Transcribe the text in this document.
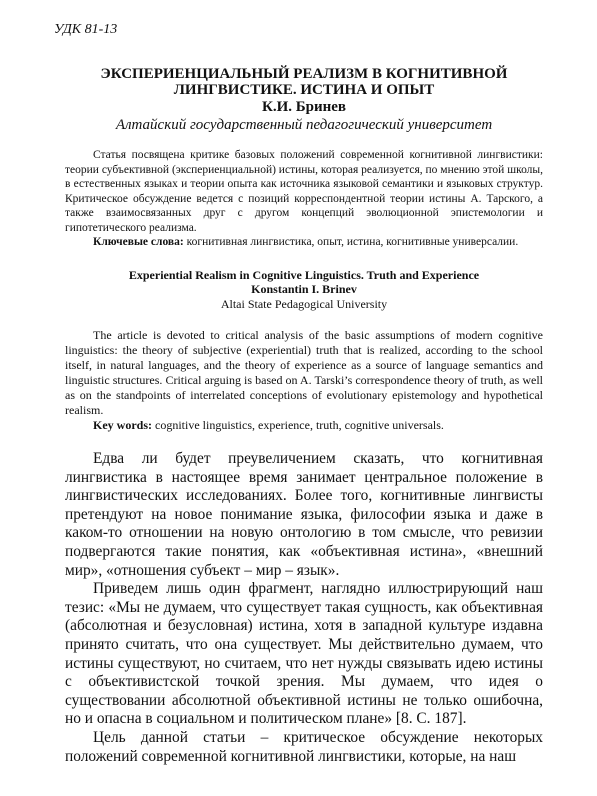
УДК 81-13

ЭКСПЕРИЕНЦИАЛЬНЫЙ РЕАЛИЗМ В КОГНИТИВНОЙ

ЛИНГВИСТИКЕ. ИСТИНА И ОПЫТ

К.И. Бринев

Алтайский государственный педагогический университет

Статья посвящена критике базовых положений современной когнитивной лингвистики: теории субъективной (экспериенциальной) истины, которая реализуется, по мнению этой школы, в естественных языках и теории опыта как источника языковой семантики и языковых структур. Критическое обсуждение ведется с позиций корреспондентной теории истины А. Тарского, а также взаимосвязанных друг с другом концепций эволюционной эпистемологии и гипотетического реализма.

Ключевые слова: когнитивная лингвистика, опыт, истина, когнитивные универсалии.

Experiential Realism in Cognitive Linguistics. Truth and Experience

Konstantin I. Brinev

Altai State Pedagogical University

The article is devoted to critical analysis of the basic assumptions of modern cognitive linguistics: the theory of subjective (experiential) truth that is realized, according to the school itself, in natural languages, and the theory of experience as a source of language semantics and linguistic structures. Critical arguing is based on A. Tarski’s correspondence theory of truth, as well as on the standpoints of interrelated conceptions of evolutionary epistemology and hypothetical realism.

Key words: cognitive linguistics, experience, truth, cognitive universals.

Едва ли будет преувеличением сказать, что когнитивная лингвистика в настоящее время занимает центральное положение в лингвистических исследованиях. Более того, когнитивные лингвисты претендуют на новое понимание языка, философии языка и даже в каком-то отношении на новую онтологию в том смысле, что ревизии подвергаются такие понятия, как «объективная истина», «внешний мир», «отношения субъект – мир – язык».

Приведем лишь один фрагмент, наглядно иллюстрирующий наш тезис: «Мы не думаем, что существует такая сущность, как объективная (абсолютная и безусловная) истина, хотя в западной культуре издавна принято считать, что она существует. Мы действительно думаем, что истины существуют, но считаем, что нет нужды связывать идею истины с объективистской точкой зрения. Мы думаем, что идея о существовании абсолютной объективной истины не только ошибочна, но и опасна в социальном и политическом плане» [8. С. 187].

Цель данной статьи – критическое обсуждение некоторых положений современной когнитивной лингвистики, которые, на наш
